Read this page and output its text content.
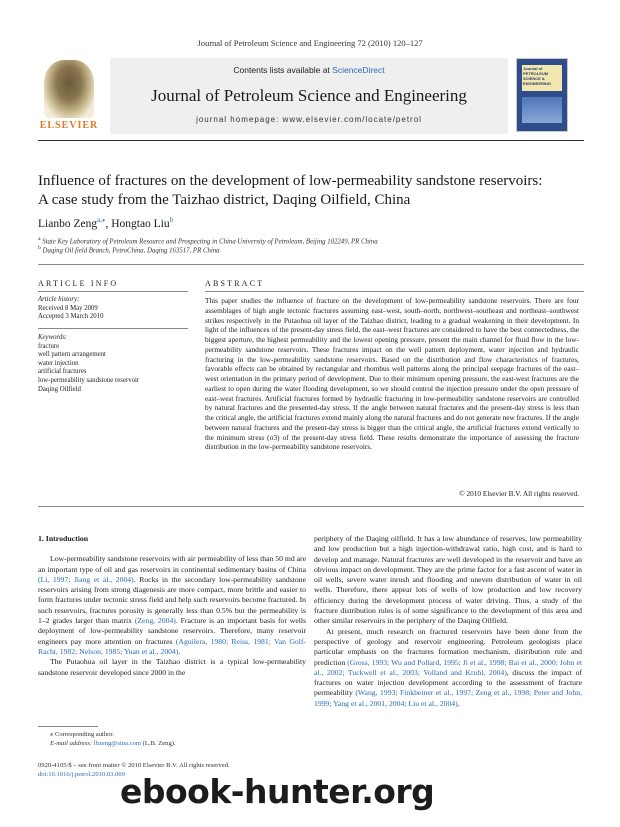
Journal of Petroleum Science and Engineering 72 (2010) 120–127
ELSEVIER
Contents lists available at ScienceDirect
Journal of Petroleum Science and Engineering
journal homepage: www.elsevier.com/locate/petrol
Journal of PETROLEUM SCIENCE & ENGINEERING
Influence of fractures on the development of low-permeability sandstone reservoirs:
A case study from the Taizhao district, Daqing Oilfield, China
Lianbo Zeng$^{a,⁎}$, Hongtao Liu$^b$
$^a$ State Key Laboratory of Petroleum Resource and Prospecting in China University of Petroleum, Beijing 102249, PR China
$^b$ Daqing Oil field Branch, PetroChina, Daqing 163517, PR China
ARTICLE INFO
Article history:
Received 8 May 2009
Accepted 3 March 2010
Keywords:
fracture
well pattern arrangement
water injection
artificial fractures
low-permeability sandstone reservoir
Daqing Oilfield
ABSTRACT
This paper studies the influence of fracture on the development of low-permeability sandstone reservoirs. There are four assemblages of high angle tectonic fractures assuming east–west, south–north, northwest–southeast and northeast–southwest strikes respectively in the Putaohua oil layer of the Taizhao district, leading to a gradual weakening in their development. In light of the influences of the present-day stress field, the east–west fractures are considered to have the best connectedness, the biggest aperture, the highest permeability and the lowest opening pressure, present the main channel for fluid flow in the low-permeability sandstone reservoirs. These fractures impact on the well pattern deployment, water injection and hydraulic fracturing in the low-permeability sandstone reservoirs. Based on the distribution and flow characteristics of fractures, favorable effects can be obtained by rectangular and rhombus well patterns along the principal seepage fractures of the east–west orientation in the primary period of development. Due to their minimum opening pressure, the east-west fractures are the earliest to open during the water flooding development, so we should control the injection pressure under the open pressure of east–west fractures. Artificial fractures formed by hydraulic fracturing in low-permeability sandstone reservoirs are controlled by natural fractures and the presented-day stress. If the angle between natural fractures and the present-day stress is less than the critical angle, the artificial fractures extend mainly along the natural fractures and do not generate new fractures. If the angle between natural fractures and the present-day stress is bigger than the critical angle, the artificial fractures extend vertically to the minimum stress (σ3) of the present-day stress field. These results demonstrate the importance of assessing the fracture distribution in the low-permeability sandstone reservoirs.
© 2010 Elsevier B.V. All rights reserved.
1. Introduction

Low-permeability sandstone reservoirs with air permeability of less than 50 md are an important type of oil and gas reservoirs in continental sedimentary basins of China (Li, 1997; Jiang et al., 2004). Rocks in the secondary low-permeability sandstone reservoirs arising from strong diagenesis are more compact, more brittle and easier to form fractures under tectonic stress field and help such reservoirs become fractured. In such reservoirs, fractures porosity is generally less than 0.5% but the permeability is 1–2 grades larger than matrix (Zeng, 2004). Fracture is an important basis for wells deployment of low-permeability sandstone reservoirs. Therefore, many reservoir engineers pay more attention on fractures (Aguilera, 1980; Reiss, 1981; Van Golf-Racht, 1982; Nelson, 1985; Yuan et al., 2004).

The Putaohua oil layer in the Taizhao district is a typical low-permeability sandstone reservoir developed since 2000 in the

periphery of the Daqing oilfield. It has a low abundance of reserves, low permeability and low production but a high injection-withdrawal ratio, high cost, and is hard to develop and manage. Natural fractures are well developed in the reservoir and have an obvious impact on development. They are the prime factor for a fast ascent of water in oil wells, severe water inrush and flooding and uneven distribution of water in oil wells. Therefore, there appear lots of wells of low production and low recovery efficiency during the development process of water driving. Thus, a study of the fracture distribution rules is of some significance to the development of this area and other similar reservoirs in the periphery of the Daqing Oilfield.

At present, much research on fractured reservoirs have been done from the perspective of geology and reservoir engineering. Petroleum geologists place particular emphasis on the fractures formation mechanism, distribution rule and prediction (Gross, 1993; Wu and Pollard, 1995; Ji et al., 1998; Bai et al., 2000; John et al., 2002; Tuckwell et al., 2003; Volland and Kruhl, 2004), discuss the impact of fractures on water injection development according to the assessment of fracture permeability (Wang, 1993; Finkbeiner et al., 1997; Zeng et al., 1998; Peter and John, 1999; Yang et al., 2001, 2004; Liu et al., 2004).

⁎ Corresponding author.
E-mail address: lbzeng@sina.com (L.B. Zeng).
0920-4105/$ – see front matter © 2010 Elsevier B.V. All rights reserved.
doi:10.1016/j.petrol.2010.03.009
ebook-hunter.org
